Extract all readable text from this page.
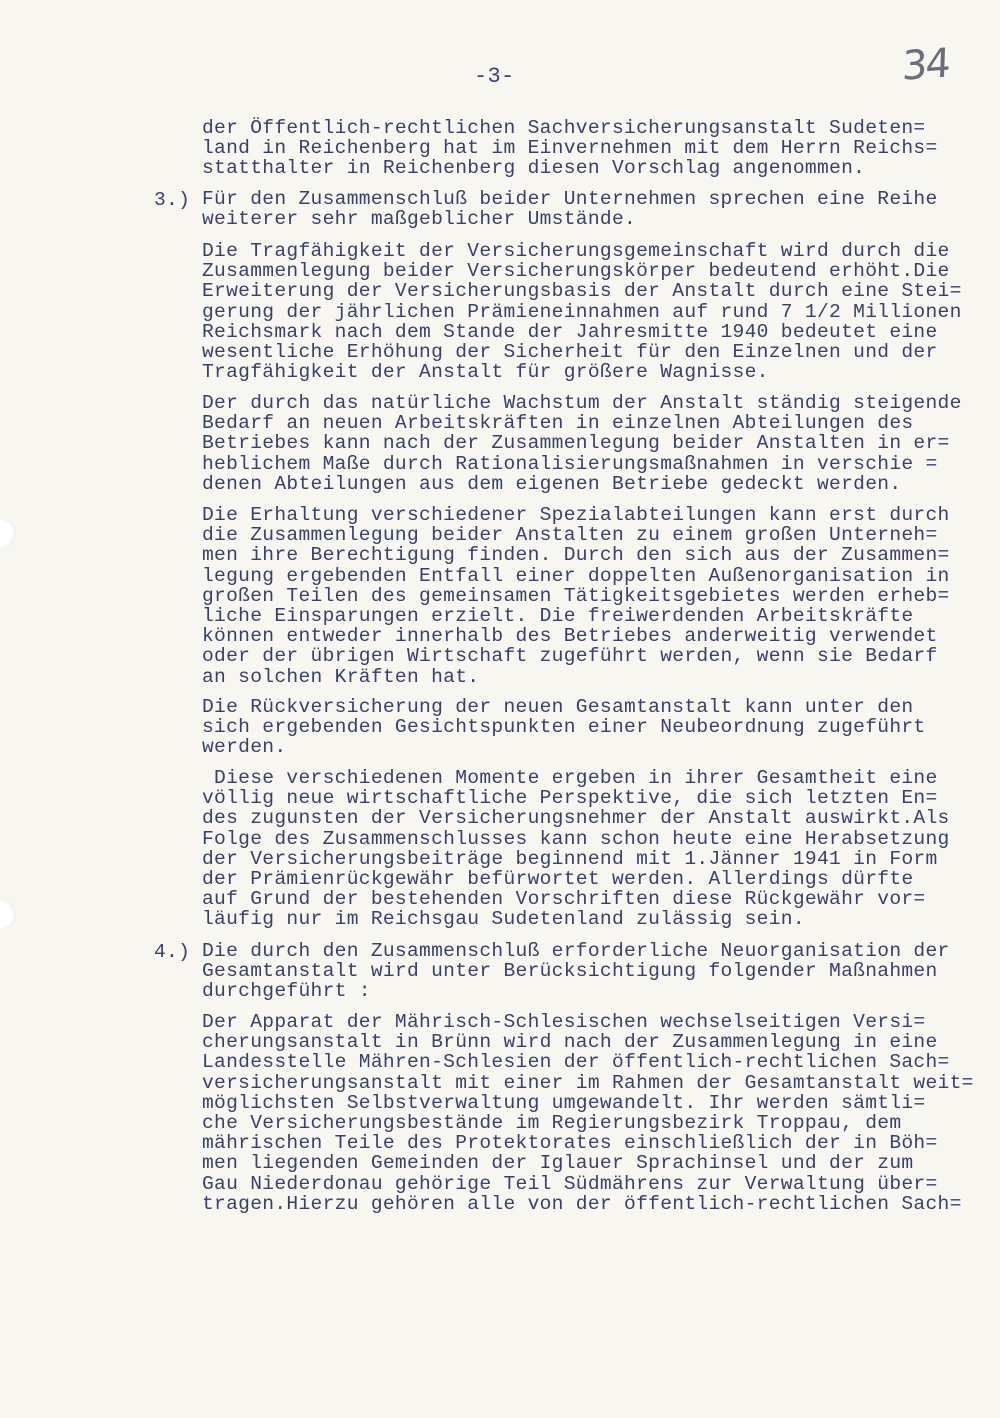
-3-	34
der Öffentlich-rechtlichen Sachversicherungsanstalt Sudeten=
land in Reichenberg hat im Einvernehmen mit dem Herrn Reichs=
statthalter in Reichenberg diesen Vorschlag angenommen.
3.) Für den Zusammenschluß beider Unternehmen sprechen eine Reihe
weiterer sehr maßgeblicher Umstände.
Die Tragfähigkeit der Versicherungsgemeinschaft wird durch die
Zusammenlegung beider Versicherungskörper bedeutend erhöht.Die
Erweiterung der Versicherungsbasis der Anstalt durch eine Stei=
gerung der jährlichen Prämieneinnahmen auf rund 7 1/2 Millionen
Reichsmark nach dem Stande der Jahresmitte 1940 bedeutet eine
wesentliche Erhöhung der Sicherheit für den Einzelnen und der
Tragfähigkeit der Anstalt für größere Wagnisse.
Der durch das natürliche Wachstum der Anstalt ständig steigende
Bedarf an neuen Arbeitskräften in einzelnen Abteilungen des
Betriebes kann nach der Zusammenlegung beider Anstalten in er=
heblichem Maße durch Rationalisierungsmaßnahmen in verschie =
denen Abteilungen aus dem eigenen Betriebe gedeckt werden.
Die Erhaltung verschiedener Spezialabteilungen kann erst durch
die Zusammenlegung beider Anstalten zu einem großen Unterneh=
men ihre Berechtigung finden. Durch den sich aus der Zusammen=
legung ergebenden Entfall einer doppelten Außenorganisation in
großen Teilen des gemeinsamen Tätigkeitsgebietes werden erheb=
liche Einsparungen erzielt. Die freiwerdenden Arbeitskräfte
können entweder innerhalb des Betriebes anderweitig verwendet
oder der übrigen Wirtschaft zugeführt werden, wenn sie Bedarf
an solchen Kräften hat.
Die Rückversicherung der neuen Gesamtanstalt kann unter den
sich ergebenden Gesichtspunkten einer Neubeordnung zugeführt
werden.
Diese verschiedenen Momente ergeben in ihrer Gesamtheit eine
völlig neue wirtschaftliche Perspektive, die sich letzten En=
des zugunsten der Versicherungsnehmer der Anstalt auswirkt.Als
Folge des Zusammenschlusses kann schon heute eine Herabsetzung
der Versicherungsbeiträge beginnend mit 1.Jänner 1941 in Form
der Prämienrückgewähr befürwortet werden. Allerdings dürfte
auf Grund der bestehenden Vorschriften diese Rückgewähr vor=
läufig nur im Reichsgau Sudetenland zulässig sein.
4.) Die durch den Zusammenschluß erforderliche Neuorganisation der
Gesamtanstalt wird unter Berücksichtigung folgender Maßnahmen
durchgeführt :
Der Apparat der Mährisch-Schlesischen wechselseitigen Versi=
cherungsanstalt in Brünn wird nach der Zusammenlegung in eine
Landesstelle Mähren-Schlesien der öffentlich-rechtlichen Sach=
versicherungsanstalt mit einer im Rahmen der Gesamtanstalt weit=
möglichsten Selbstverwaltung umgewandelt. Ihr werden sämtli=
che Versicherungsbestände im Regierungsbezirk Troppau, dem
mährischen Teile des Protektorates einschließlich der in Böh=
men liegenden Gemeinden der Iglauer Sprachinsel und der zum
Gau Niederdonau gehörige Teil Südmährens zur Verwaltung über=
tragen.Hierzu gehören alle von der öffentlich-rechtlichen Sach=
